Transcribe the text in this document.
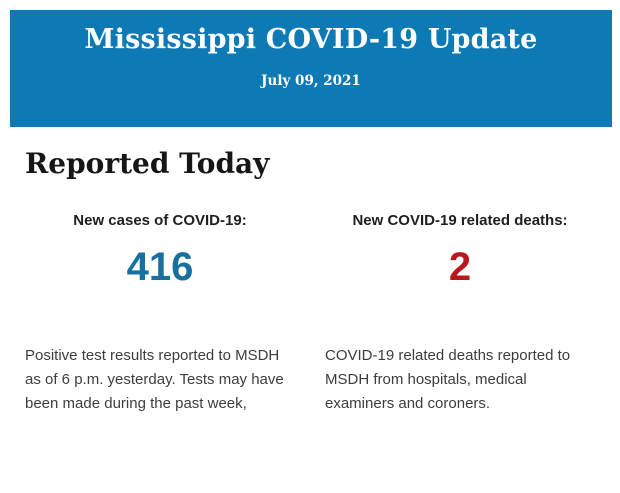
Mississippi COVID-19 Update
July 09, 2021
Reported Today
New cases of COVID-19:
416
Positive test results reported to MSDH as of 6 p.m. yesterday. Tests may have been made during the past week,
New COVID-19 related deaths:
2
COVID-19 related deaths reported to MSDH from hospitals, medical examiners and coroners.
